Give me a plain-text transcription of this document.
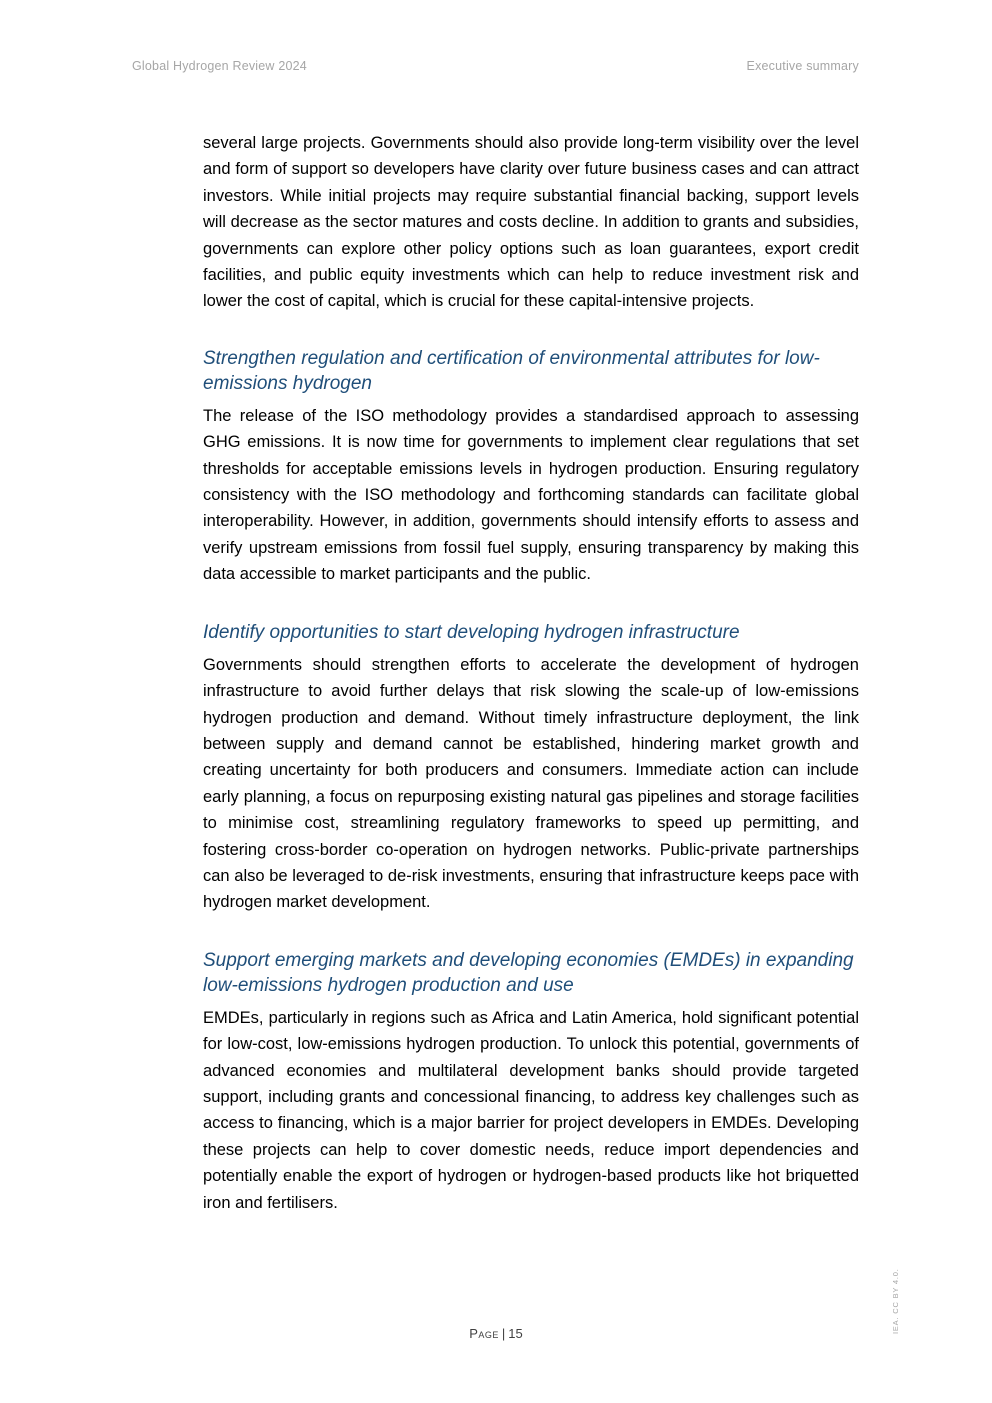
Global Hydrogen Review 2024	Executive summary

several large projects. Governments should also provide long-term visibility over the level and form of support so developers have clarity over future business cases and can attract investors. While initial projects may require substantial financial backing, support levels will decrease as the sector matures and costs decline. In addition to grants and subsidies, governments can explore other policy options such as loan guarantees, export credit facilities, and public equity investments which can help to reduce investment risk and lower the cost of capital, which is crucial for these capital-intensive projects.

Strengthen regulation and certification of environmental attributes for low-emissions hydrogen

The release of the ISO methodology provides a standardised approach to assessing GHG emissions. It is now time for governments to implement clear regulations that set thresholds for acceptable emissions levels in hydrogen production. Ensuring regulatory consistency with the ISO methodology and forthcoming standards can facilitate global interoperability. However, in addition, governments should intensify efforts to assess and verify upstream emissions from fossil fuel supply, ensuring transparency by making this data accessible to market participants and the public.

Identify opportunities to start developing hydrogen infrastructure

Governments should strengthen efforts to accelerate the development of hydrogen infrastructure to avoid further delays that risk slowing the scale-up of low-emissions hydrogen production and demand. Without timely infrastructure deployment, the link between supply and demand cannot be established, hindering market growth and creating uncertainty for both producers and consumers. Immediate action can include early planning, a focus on repurposing existing natural gas pipelines and storage facilities to minimise cost, streamlining regulatory frameworks to speed up permitting, and fostering cross-border co-operation on hydrogen networks. Public-private partnerships can also be leveraged to de-risk investments, ensuring that infrastructure keeps pace with hydrogen market development.

Support emerging markets and developing economies (EMDEs) in expanding low-emissions hydrogen production and use

EMDEs, particularly in regions such as Africa and Latin America, hold significant potential for low-cost, low-emissions hydrogen production. To unlock this potential, governments of advanced economies and multilateral development banks should provide targeted support, including grants and concessional financing, to address key challenges such as access to financing, which is a major barrier for project developers in EMDEs. Developing these projects can help to cover domestic needs, reduce import dependencies and potentially enable the export of hydrogen or hydrogen-based products like hot briquetted iron and fertilisers.

Page | 15	IEA. CC BY 4.0.
